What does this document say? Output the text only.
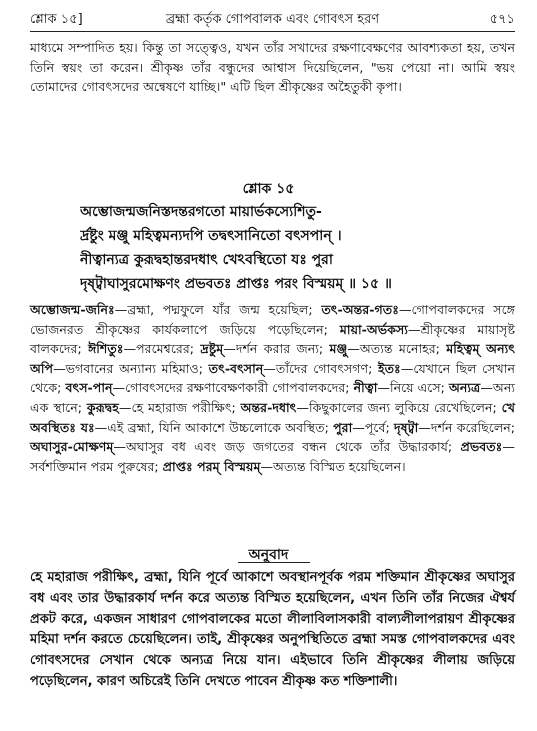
শ্লোক ১৫]	ব্রহ্মা কর্তৃক গোপবালক এবং গোবৎস হরণ	৫৭১
মাধ্যমে সম্পাদিত হয়। কিন্তু তা সত্ত্বেও, যখন তাঁর সখাদের রক্ষণাবেক্ষণের আবশ্যকতা হয়, তখন তিনি স্বয়ং তা করেন। শ্রীকৃষ্ণ তাঁর বন্ধুদের আশ্বাস দিয়েছিলেন, "ভয় পেয়ো না। আমি স্বয়ং তোমাদের গোবৎসদের অন্বেষণে যাচ্ছি।" এটি ছিল শ্রীকৃষ্ণের অহৈতুকী কৃপা।
শ্লোক ১৫
অম্ভোজন্মজনিস্তদন্তরগতো মায়ার্ভকস্যেশিতু-
র্দ্রষ্টুং মঞ্জু মহিত্বমন্যদপি তদ্বৎসানিতো বৎসপান্ ।
নীত্বান্যত্র কুরূদ্বহান্তরদধাৎ খেঽবস্থিতো যঃ পুরা
দৃষ্ট্বাঘাসুরমোক্ষণং প্রভবতঃ প্রাপ্তঃ পরং বিস্ময়ম্ ॥ ১৫ ॥
অম্ভোজন্ম-জনিঃ—ব্রহ্মা, পদ্মফুলে যাঁর জন্ম হয়েছিল; তৎ-অন্তর-গতঃ—গোপবালকদের সঙ্গে ভোজনরত শ্রীকৃষ্ণের কার্যকলাপে জড়িয়ে পড়েছিলেন; মায়া-অর্ভকস্য—শ্রীকৃষ্ণের মায়াসৃষ্ট বালকদের; ঈশিতুঃ—পরমেশ্বরের; দ্রষ্টুম্—দর্শন করার জন্য; মঞ্জু—অত্যন্ত মনোহর; মহিত্বম্ অন্যৎ অপি—ভগবানের অন্যান্য মহিমাও; তৎ-বৎসান্—তাঁদের গোবৎসগণ; ইতঃ—যেখানে ছিল সেখান থেকে; বৎস-পান্—গোবৎসদের রক্ষণাবেক্ষণকারী গোপবালকদের; নীত্বা—নিয়ে এসে; অন্যত্র—অন্য এক স্থানে; কুরূদ্বহ—হে মহারাজ পরীক্ষিৎ; অন্তর-দধাৎ—কিছুকালের জন্য লুকিয়ে রেখেছিলেন; খে অবস্থিতঃ যঃ—এই ব্রহ্মা, যিনি আকাশে উচ্চলোকে অবস্থিত; পুরা—পূর্বে; দৃষ্ট্বা—দর্শন করেছিলেন; অঘাসুর-মোক্ষণম্—অঘাসুর বধ এবং জড় জগতের বন্ধন থেকে তাঁর উদ্ধারকার্য; প্রভবতঃ—সর্বশক্তিমান পরম পুরুষের; প্রাপ্তঃ পরম্ বিস্ময়ম্—অত্যন্ত বিস্মিত হয়েছিলেন।
অনুবাদ
হে মহারাজ পরীক্ষিৎ, ব্রহ্মা, যিনি পূর্বে আকাশে অবস্থানপূর্বক পরম শক্তিমান শ্রীকৃষ্ণের অঘাসুর বধ এবং তার উদ্ধারকার্য দর্শন করে অত্যন্ত বিস্মিত হয়েছিলেন, এখন তিনি তাঁর নিজের ঐশ্বর্য প্রকট করে, একজন সাধারণ গোপবালকের মতো লীলাবিলাসকারী বাল্যলীলাপরায়ণ শ্রীকৃষ্ণের মহিমা দর্শন করতে চেয়েছিলেন। তাই, শ্রীকৃষ্ণের অনুপস্থিতিতে ব্রহ্মা সমস্ত গোপবালকদের এবং গোবৎসদের সেখান থেকে অন্যত্র নিয়ে যান। এইভাবে তিনি শ্রীকৃষ্ণের লীলায় জড়িয়ে পড়েছিলেন, কারণ অচিরেই তিনি দেখতে পাবেন শ্রীকৃষ্ণ কত শক্তিশালী।
